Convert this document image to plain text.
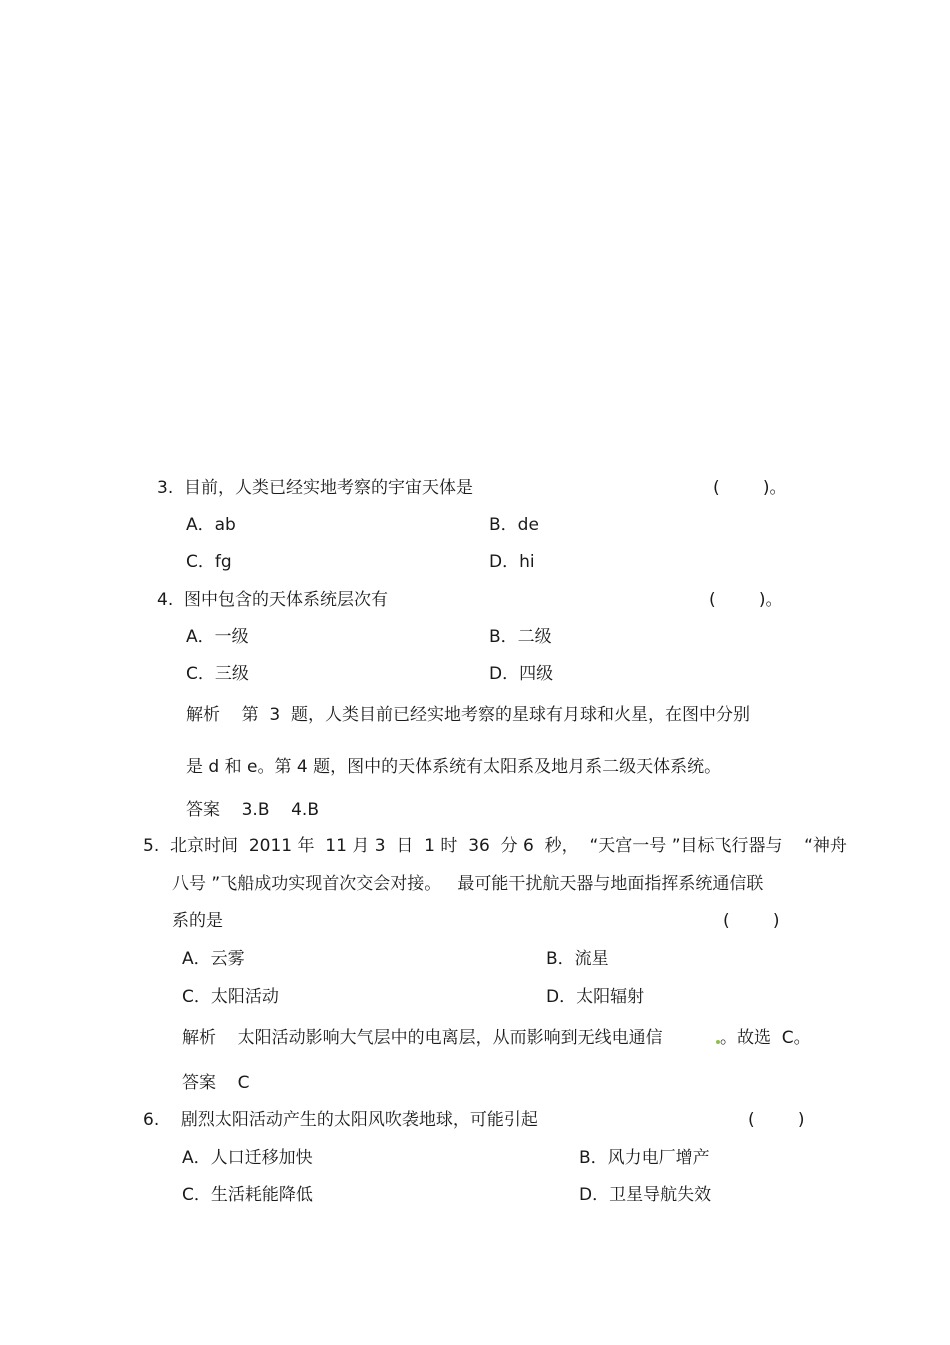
3.  目前，人类已经实地考察的宇宙天体是	(        )。
A．ab	B．de
C．fg	D．hi
4.  图中包含的天体系统层次有	(        )。
A．一级	B．二级
C．三级	D．四级
解析    第  3  题，人类目前已经实地考察的星球有月球和火星，在图中分别
是 d 和 e。第 4 题，图中的天体系统有太阳系及地月系二级天体系统。
答案    3.B    4.B
5.  北京时间  2011 年  11 月 3  日  1 时  36  分 6  秒，  “天宫一号 ”目标飞行器与    “神舟
八号 ”飞船成功实现首次交会对接。   最可能干扰航天器与地面指挥系统通信联
系的是	(        )
A．云雾	B．流星
C．太阳活动	D．太阳辐射
解析    太阳活动影响大气层中的电离层，从而影响到无线电通信	。故选  C。
答案    C
6.    剧烈太阳活动产生的太阳风吹袭地球，可能引起	(        )
A．人口迁移加快	B．风力电厂增产
C．生活耗能降低	D．卫星导航失效
